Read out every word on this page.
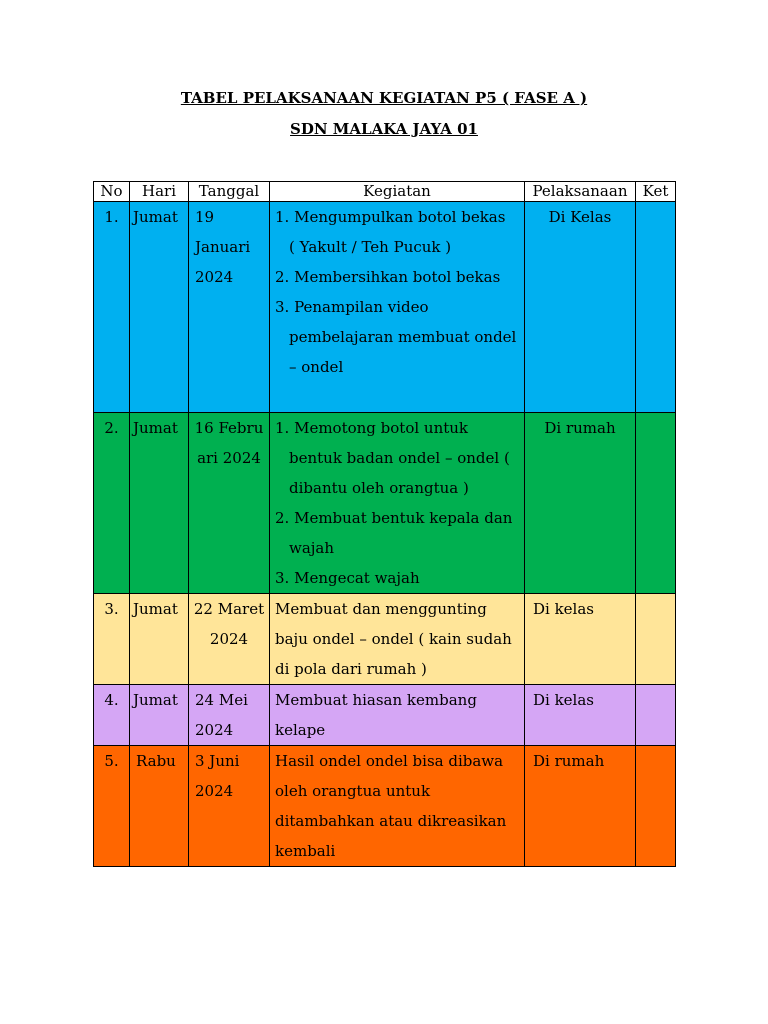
TABEL PELAKSANAAN KEGIATAN P5 ( FASE A )
SDN MALAKA JAYA 01
No	Hari	Tanggal	Kegiatan	Pelaksanaan	Ket
1.	Jumat	19 Januari 2024	1. Mengumpulkan botol bekas
( Yakult / Teh Pucuk )
2. Membersihkan botol bekas
3. Penampilan video
pembelajaran membuat ondel – ondel	Di Kelas	
2.	Jumat	16 Februari 2024	1. Memotong botol untuk
bentuk badan ondel – ondel ( dibantu oleh orangtua )
2. Membuat bentuk kepala dan
wajah
3. Mengecat wajah	Di rumah	
3.	Jumat	22 Maret 2024	Membuat dan menggunting baju ondel – ondel ( kain sudah di pola dari rumah )	Di kelas	
4.	Jumat	24 Mei 2024	Membuat hiasan kembang kelape	Di kelas	
5.	Rabu	3 Juni 2024	Hasil ondel ondel bisa dibawa oleh orangtua untuk ditambahkan atau dikreasikan kembali	Di rumah	
